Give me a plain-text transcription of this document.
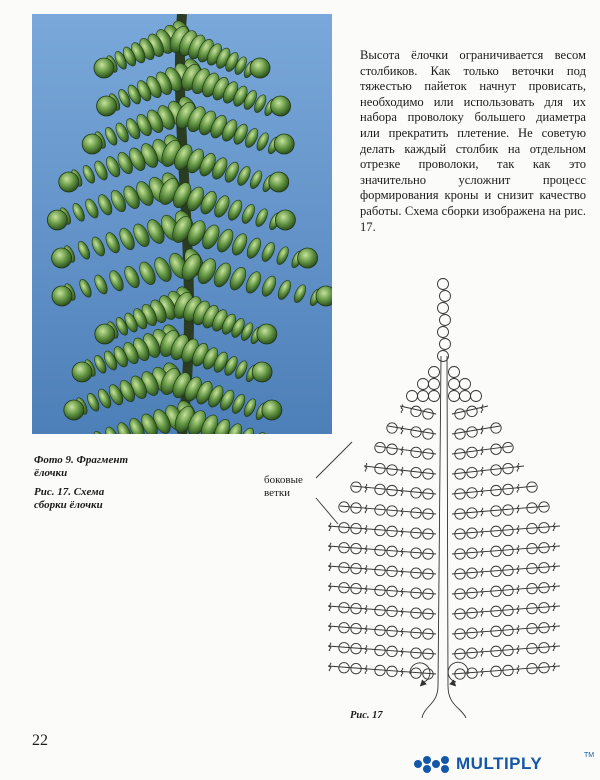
Высота ёлочки ограничивается весом столбиков. Как только веточки под тяжестью пайеток начнут провисать, необходимо или использовать для их набора проволоку большего диаметра или прекратить плетение. Не советую делать каждый столбик на отдельном отрезке проволоки, так как это значительно усложнит процесс формирования кроны и снизит качество работы. Схема сборки изображена на рис. 17.

Фото 9. Фрагмент ёлочки

Рис. 17. Схема сборки ёлочки

боковые ветки

Рис. 17

22

MULTIPLY	TM
